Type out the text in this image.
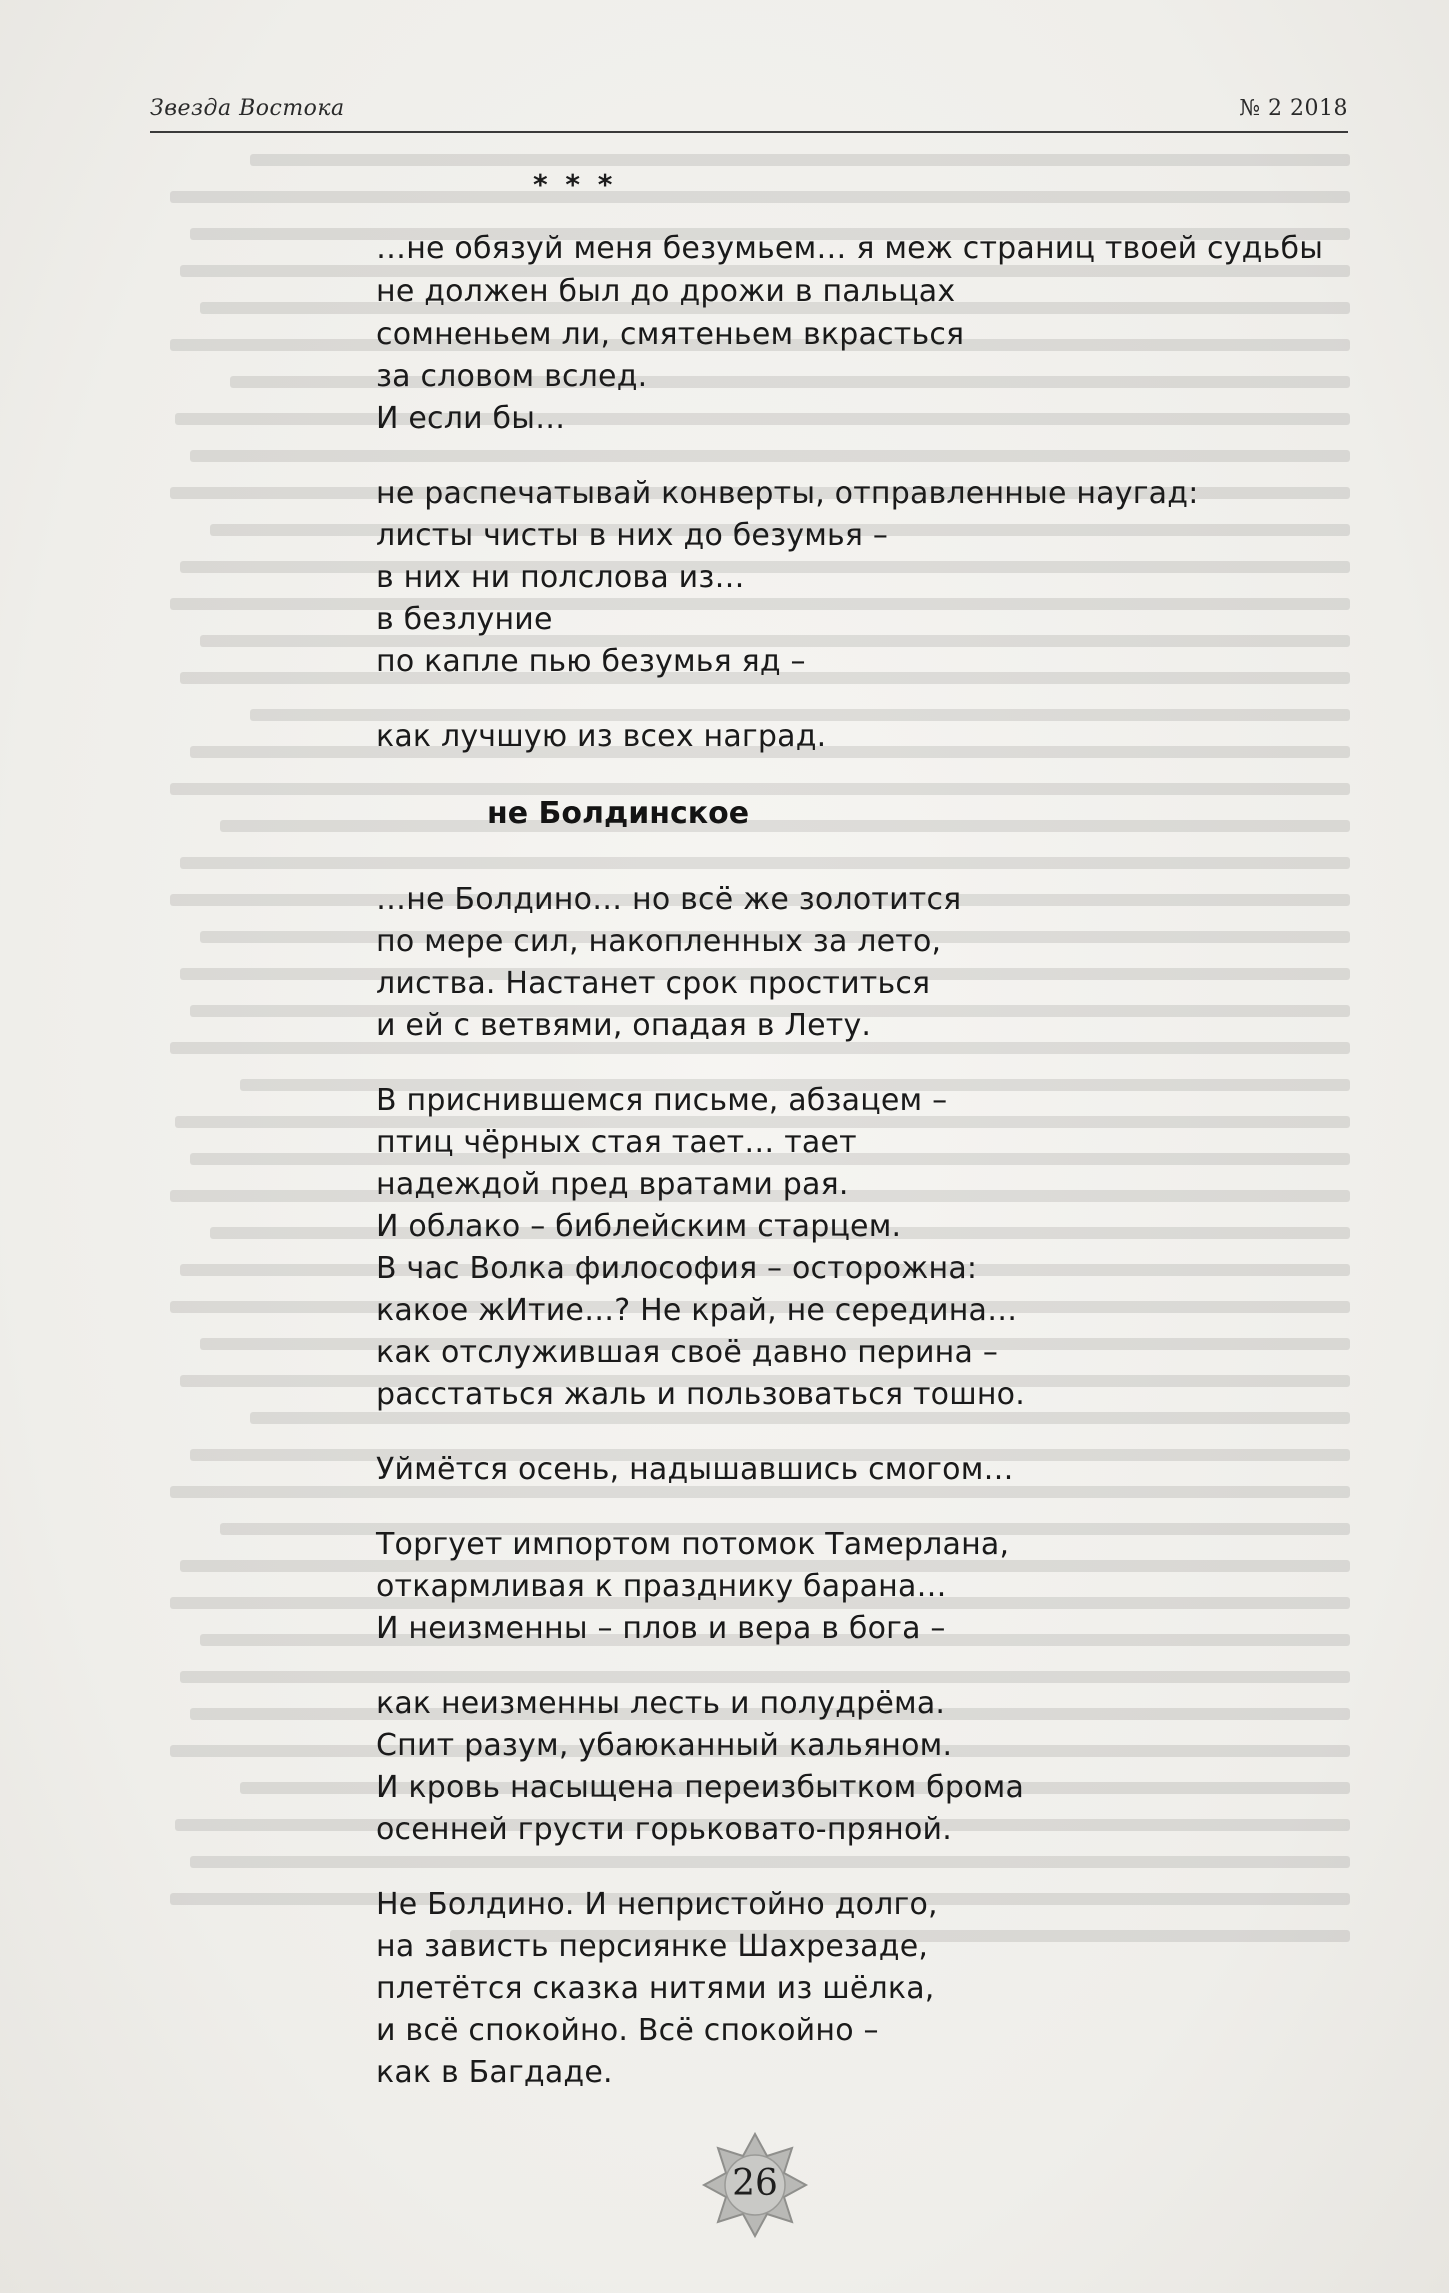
Звезда Востока	№ 2 2018
* * *
…не обязуй меня безумьем… я меж страниц твоей судьбы
не должен был до дрожи в пальцах
сомненьем ли, смятеньем вкрасться
за словом вслед.
И если бы…
не распечатывай конверты, отправленные наугад:
листы чисты в них до безумья –
в них ни полслова из…
в безлуние
по капле пью безумья яд –
как лучшую из всех наград.
не Болдинское
…не Болдино… но всё же золотится
по мере сил, накопленных за лето,
листва. Настанет срок проститься
и ей с ветвями, опадая в Лету.
В приснившемся письме, абзацем –
птиц чёрных стая тает… тает
надеждой пред вратами рая.
И облако – библейским старцем.
В час Волка философия – осторожна:
какое жИтие…? Не край, не середина…
как отслужившая своё давно перина –
расстаться жаль и пользоваться тошно.
Уймётся осень, надышавшись смогом…
Торгует импортом потомок Тамерлана,
откармливая к празднику барана…
И неизменны – плов и вера в бога –
как неизменны лесть и полудрёма.
Спит разум, убаюканный кальяном.
И кровь насыщена переизбытком брома
осенней грусти горьковато-пряной.
Не Болдино. И непристойно долго,
на зависть персиянке Шахрезаде,
плетётся сказка нитями из шёлка,
и всё спокойно. Всё спокойно –
как в Багдаде.
26
